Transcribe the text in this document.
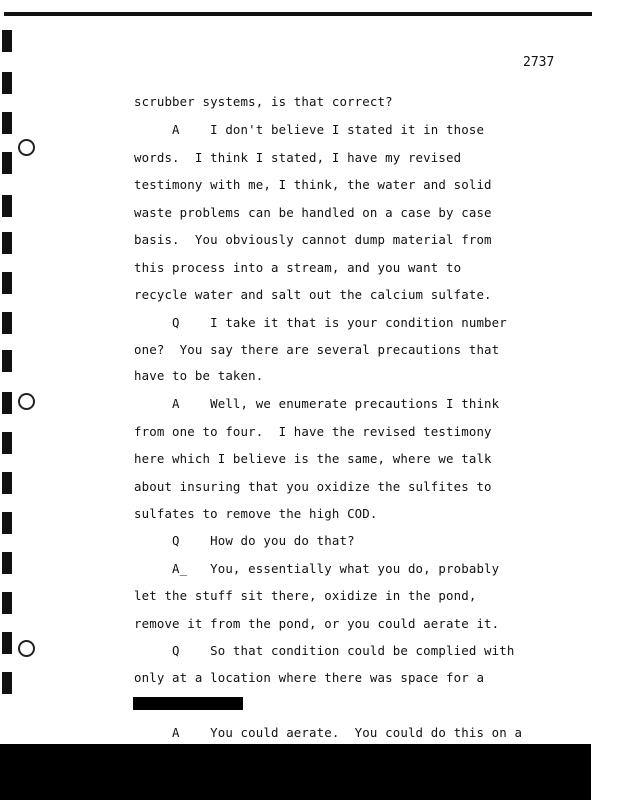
2737
scrubber systems, is that correct?
A    I don't believe I stated it in those
words.  I think I stated, I have my revised
testimony with me, I think, the water and solid
waste problems can be handled on a case by case
basis.  You obviously cannot dump material from
this process into a stream, and you want to
recycle water and salt out the calcium sulfate.
Q    I take it that is your condition number
one?  You say there are several precautions that
have to be taken.
A    Well, we enumerate precautions I think
from one to four.  I have the revised testimony
here which I believe is the same, where we talk
about insuring that you oxidize the sulfites to
sulfates to remove the high COD.
Q    How do you do that?
A_   You, essentially what you do, probably
let the stuff sit there, oxidize in the pond,
remove it from the pond, or you could aerate it.
Q    So that condition could be complied with
only at a location where there was space for a
A    You could aerate.  You could do this on a
